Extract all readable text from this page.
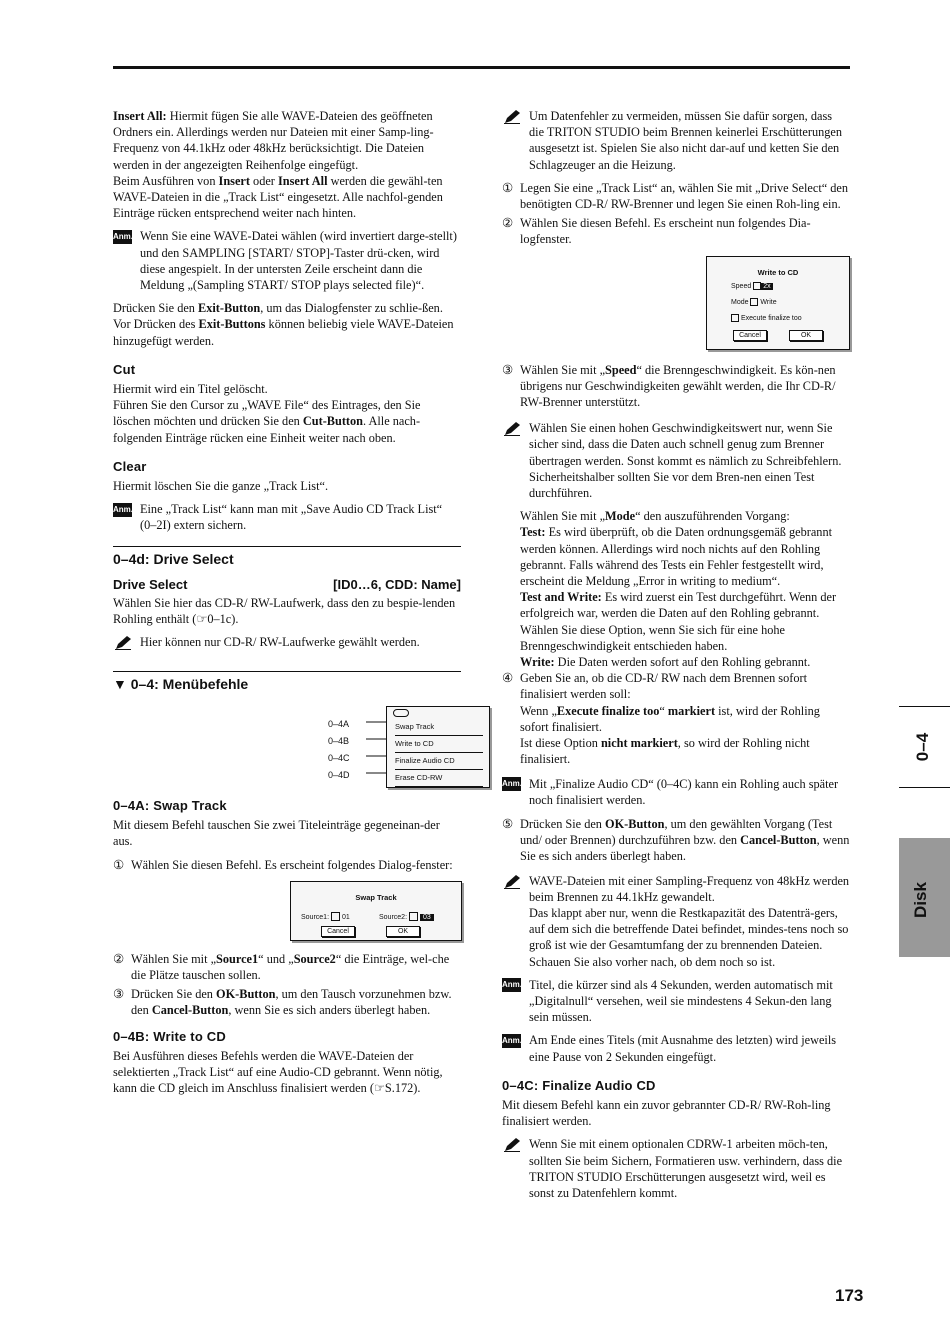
Insert All: Hiermit fügen Sie alle WAVE-Dateien des geöffneten Ordners ein. Allerdings werden nur Dateien mit einer Samp-ling-Frequenz von 44.1kHz oder 48kHz berücksichtigt. Die Dateien werden in der angezeigten Reihenfolge eingefügt.
Beim Ausführen von Insert oder Insert All werden die gewähl-ten WAVE-Dateien in die „Track List“ eingesetzt. Alle nachfol-genden Einträge rücken entsprechend weiter nach hinten.

Anm. Wenn Sie eine WAVE-Datei wählen (wird invertiert darge-stellt) und den SAMPLING [START/ STOP]-Taster drü-cken, wird diese angespielt. In der untersten Zeile erscheint dann die Meldung „(Sampling START/ STOP plays selected file)“.

Drücken Sie den Exit-Button, um das Dialogfenster zu schlie-ßen.
Vor Drücken des Exit-Buttons können beliebig viele WAVE-Dateien hinzugefügt werden.

Cut

Hiermit wird ein Titel gelöscht.
Führen Sie den Cursor zu „WAVE File“ des Eintrages, den Sie löschen möchten und drücken Sie den Cut-Button. Alle nach-folgenden Einträge rücken eine Einheit weiter nach oben.

Clear

Hiermit löschen Sie die ganze „Track List“.

Anm. Eine „Track List“ kann man mit „Save Audio CD Track List“ (0–2I) extern sichern.
0–4d: Drive Select
Drive Select	[ID0…6, CDD: Name]

Wählen Sie hier das CD-R/ RW-Laufwerk, dass den zu bespie-lenden Rohling enthält (☞0–1c).

Hier können nur CD-R/ RW-Laufwerke gewählt werden.
▼ 0–4: Menübefehle
0–4A
0–4B
0–4C
0–4D
Swap Track
Write to CD
Finalize Audio CD
Erase CD-RW
0–4A: Swap Track

Mit diesem Befehl tauschen Sie zwei Titeleinträge gegeneinan-der aus.

① Wählen Sie diesen Befehl. Es erscheint folgendes Dialog-fenster:
Swap Track
Source1: 01	Source2: 03
Cancel	OK
② Wählen Sie mit „Source1“ und „Source2“ die Einträge, wel-che die Plätze tauschen sollen.
③ Drücken Sie den OK-Button, um den Tausch vorzunehmen bzw. den Cancel-Button, wenn Sie es sich anders überlegt haben.
0–4B: Write to CD

Bei Ausführen dieses Befehls werden die WAVE-Dateien der selektierten „Track List“ auf eine Audio-CD gebrannt. Wenn nötig, kann die CD gleich im Anschluss finalisiert werden (☞S.172).

Um Datenfehler zu vermeiden, müssen Sie dafür sorgen, dass die TRITON STUDIO beim Brennen keinerlei Erschütterungen ausgesetzt ist. Spielen Sie also nicht dar-auf und ketten Sie den Schlagzeuger an die Heizung.
① Legen Sie eine „Track List“ an, wählen Sie mit „Drive Select“ den benötigten CD-R/ RW-Brenner und legen Sie einen Roh-ling ein.
② Wählen Sie diesen Befehl. Es erscheint nun folgendes Dia-logfenster.
Write to CD
Speed 2x
Mode Write
Execute finalize too
Cancel	OK
③ Wählen Sie mit „Speed“ die Brenngeschwindigkeit. Es kön-nen übrigens nur Geschwindigkeiten gewählt werden, die Ihr CD-R/ RW-Brenner unterstützt.
Wählen Sie einen hohen Geschwindigkeitswert nur, wenn Sie sicher sind, dass die Daten auch schnell genug zum Brenner übertragen werden. Sonst kommt es nämlich zu Schreibfehlern. Sicherheitshalber sollten Sie vor dem Bren-nen einen Test durchführen.

Wählen Sie mit „Mode“ den auszuführenden Vorgang:

Test: Es wird überprüft, ob die Daten ordnungsgemäß gebrannt werden können. Allerdings wird noch nichts auf den Rohling gebrannt. Falls während des Tests ein Fehler festgestellt wird, erscheint die Meldung „Error in writing to medium“.

Test and Write: Es wird zuerst ein Test durchgeführt. Wenn der erfolgreich war, werden die Daten auf den Rohling gebrannt. Wählen Sie diese Option, wenn Sie sich für eine hohe Brenngeschwindigkeit entschieden haben.

Write: Die Daten werden sofort auf den Rohling gebrannt.

④ Geben Sie an, ob die CD-R/ RW nach dem Brennen sofort finalisiert werden soll:
Wenn „Execute finalize too“ markiert ist, wird der Rohling sofort finalisiert.
Ist diese Option nicht markiert, so wird der Rohling nicht finalisiert.
Anm. Mit „Finalize Audio CD“ (0–4C) kann ein Rohling auch später noch finalisiert werden.
⑤ Drücken Sie den OK-Button, um den gewählten Vorgang (Test und/ oder Brennen) durchzuführen bzw. den Cancel-Button, wenn Sie es sich anders überlegt haben.
WAVE-Dateien mit einer Sampling-Frequenz von 48kHz werden beim Brennen zu 44.1kHz gewandelt.
Das klappt aber nur, wenn die Restkapazität des Datenträ-gers, auf dem sich die betreffende Datei befindet, mindes-tens noch so groß ist wie der Gesamtumfang der zu brennenden Dateien. Schauen Sie also vorher nach, ob dem noch so ist.
Anm. Titel, die kürzer sind als 4 Sekunden, werden automatisch mit „Digitalnull“ versehen, weil sie mindestens 4 Sekun-den lang sein müssen.
Anm. Am Ende eines Titels (mit Ausnahme des letzten) wird jeweils eine Pause von 2 Sekunden eingefügt.
0–4C: Finalize Audio CD

Mit diesem Befehl kann ein zuvor gebrannter CD-R/ RW-Roh-ling finalisiert werden.

Wenn Sie mit einem optionalen CDRW-1 arbeiten möch-ten, sollten Sie beim Sichern, Formatieren usw. verhindern, dass die TRITON STUDIO Erschütterungen ausgesetzt wird, weil es sonst zu Datenfehlern kommt.
0–4
Disk
173
